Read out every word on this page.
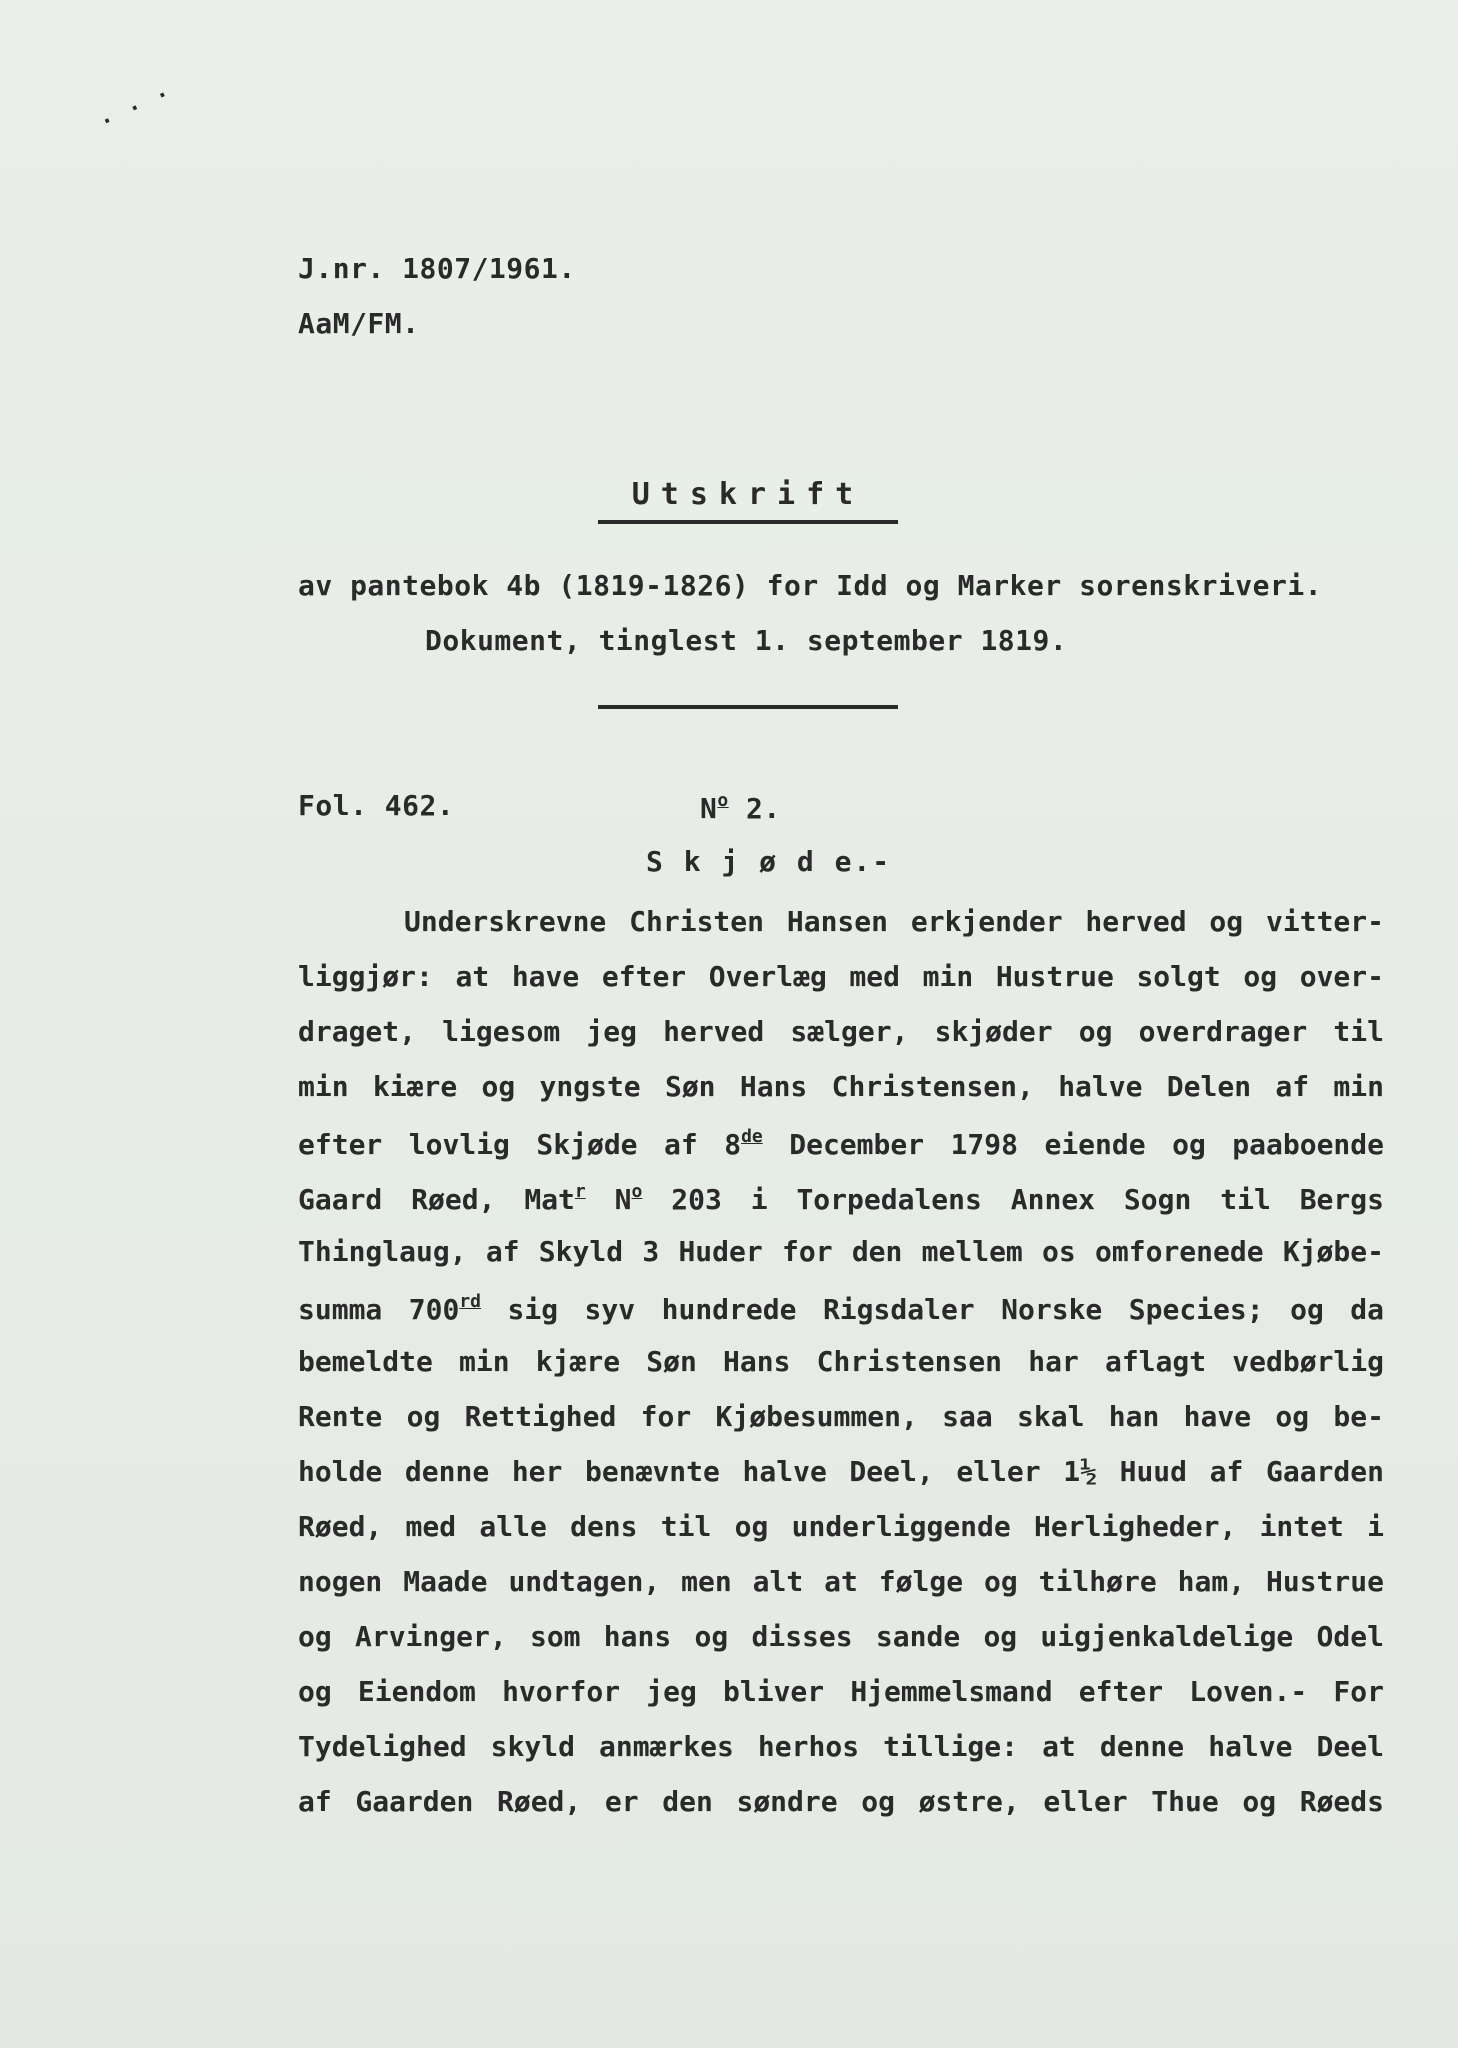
· · ·
J.nr. 1807/1961.
AaM/FM.
Utskrift
av pantebok 4b (1819-1826) for Idd og Marker sorenskriveri.
Dokument, tinglest 1. september 1819.
Fol. 462.	$N^o$ 2.
S k j ø d e.-
Underskrevne Christen Hansen erkjender herved og vitter-
liggjør: at have efter Overlæg med min Hustrue solgt og over-
draget, ligesom jeg herved sælger, skjøder og overdrager til
min kiære og yngste Søn Hans Christensen, halve Delen af min
efter lovlig Skjøde af 8de December 1798 eiende og paaboende
Gaard Røed, Mat$^r$ $N^o$ 203 i Torpedalens Annex Sogn til Bergs
Thinglaug, af Skyld 3 Huder for den mellem os omforenede Kjøbe-
summa 700rd sig syv hundrede Rigsdaler Norske Species; og da
bemeldte min kjære Søn Hans Christensen har aflagt vedbørlig
Rente og Rettighed for Kjøbesummen, saa skal han have og be-
holde denne her benævnte halve Deel, eller 1½ Huud af Gaarden
Røed, med alle dens til og underliggende Herligheder, intet i
nogen Maade undtagen, men alt at følge og tilhøre ham, Hustrue
og Arvinger, som hans og disses sande og uigjenkaldelige Odel
og Eiendom hvorfor jeg bliver Hjemmelsmand efter Loven.- For
Tydelighed skyld anmærkes herhos tillige: at denne halve Deel
af Gaarden Røed, er den søndre og østre, eller Thue og Røeds
